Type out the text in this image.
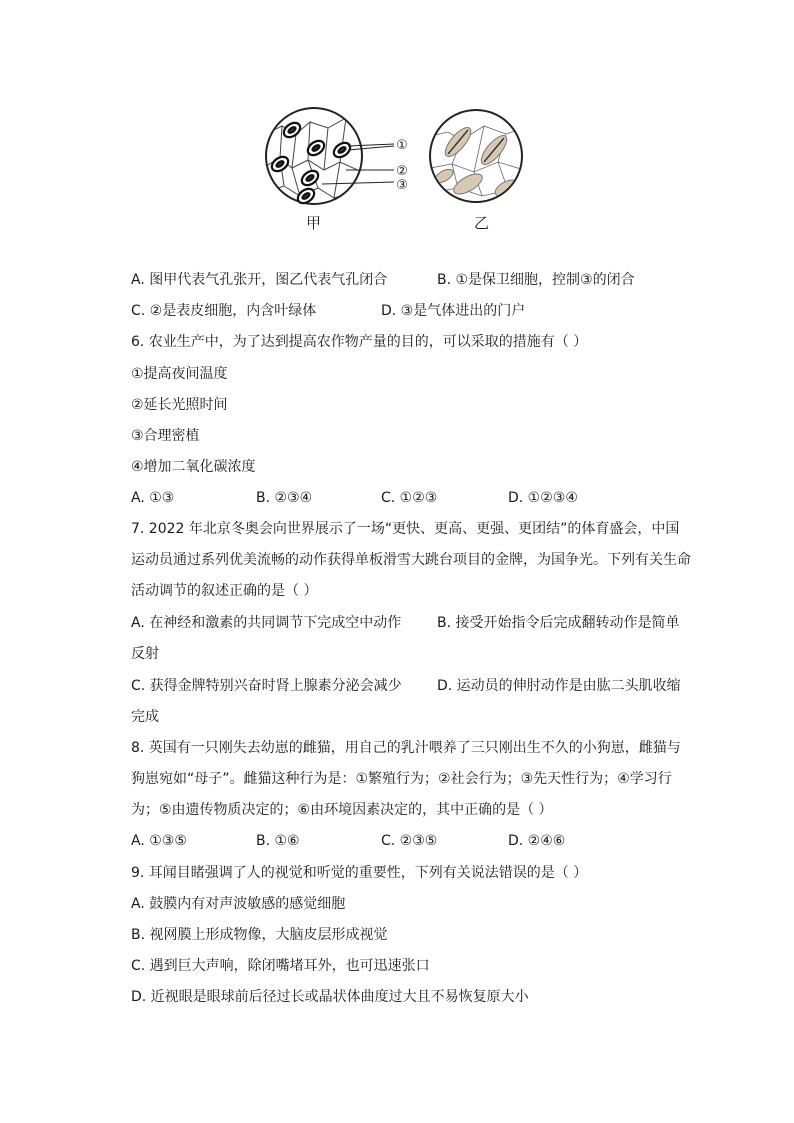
①
②
③
甲	乙
A. 图甲代表气孔张开，图乙代表气孔闭合	B. ①是保卫细胞，控制③的闭合
C. ②是表皮细胞，内含叶绿体	D. ③是气体进出的门户
6. 农业生产中，为了达到提高农作物产量的目的，可以采取的措施有（ ）
①提高夜间温度
②延长光照时间
③合理密植
④增加二氧化碳浓度
A. ①③	B. ②③④	C. ①②③	D. ①②③④
7. 2022 年北京冬奥会向世界展示了一场“更快、更高、更强、更团结”的体育盛会，中国
运动员通过系列优美流畅的动作获得单板滑雪大跳台项目的金牌，为国争光。下列有关生命
活动调节的叙述正确的是（ ）
A. 在神经和激素的共同调节下完成空中动作	B. 接受开始指令后完成翻转动作是简单
反射
C. 获得金牌特别兴奋时肾上腺素分泌会减少	D. 运动员的伸肘动作是由肱二头肌收缩
完成
8. 英国有一只刚失去幼崽的雌猫，用自己的乳汁喂养了三只刚出生不久的小狗崽，雌猫与
狗崽宛如“母子”。雌猫这种行为是：①繁殖行为；②社会行为；③先天性行为；④学习行
为；⑤由遗传物质决定的；⑥由环境因素决定的，其中正确的是（ ）
A. ①③⑤	B. ①⑥	C. ②③⑤	D. ②④⑥
9. 耳闻目睹强调了人的视觉和听觉的重要性，下列有关说法错误的是（ ）
A. 鼓膜内有对声波敏感的感觉细胞
B. 视网膜上形成物像，大脑皮层形成视觉
C. 遇到巨大声响，除闭嘴堵耳外，也可迅速张口
D. 近视眼是眼球前后径过长或晶状体曲度过大且不易恢复原大小
